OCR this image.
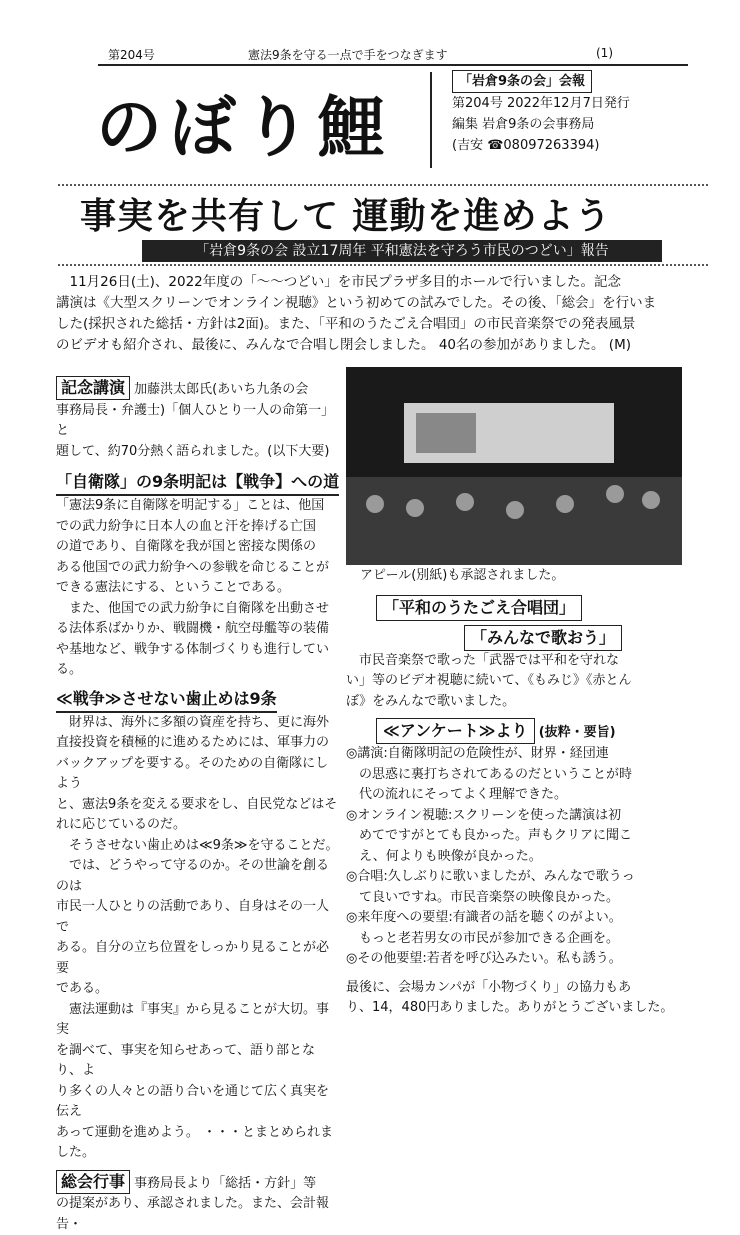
第204号	憲法9条を守る一点で手をつなぎます	(1)
のぼり鯉
「岩倉9条の会」会報
第204号 2022年12月7日発行
編集 岩倉9条の会事務局
(吉安 ☎08097263394)
事実を共有して 運動を進めよう
「岩倉9条の会 設立17周年 平和憲法を守ろう市民のつどい」報告

　11月26日(土)、2022年度の「～～つどい」を市民プラザ多目的ホールで行いました。記念

講演は《大型スクリーンでオンライン視聴》という初めての試みでした。その後、「総会」を行いま

した(採択された総括・方針は2面)。また、「平和のうたごえ合唱団」の市民音楽祭での発表風景

のビデオも紹介され、最後に、みんなで合唱し閉会しました。 40名の参加がありました。 (M)

記念講演 加藤洪太郎氏(あいち九条の会

事務局長・弁護士)「個人ひとり一人の命第一」と

題して、約70分熱く語られました。(以下大要)

「自衛隊」の9条明記は【戦争】への道

「憲法9条に自衛隊を明記する」ことは、他国

での武力紛争に日本人の血と汗を捧げる亡国

の道であり、自衛隊を我が国と密接な関係の

ある他国での武力紛争への参戦を命じることが

できる憲法にする、ということである。

　また、他国での武力紛争に自衛隊を出動させ

る法体系ばかりか、戦闘機・航空母艦等の装備

や基地など、戦争する体制づくりも進行している。

≪戦争≫させない歯止めは9条

　財界は、海外に多額の資産を持ち、更に海外

直接投資を積極的に進めるためには、軍事力の

バックアップを要する。そのための自衛隊にしよう

と、憲法9条を変える要求をし、自民党などはそ

れに応じているのだ。

　そうさせない歯止めは≪9条≫を守ることだ。

　では、どうやって守るのか。その世論を創るのは

市民一人ひとりの活動であり、自身はその一人で

ある。自分の立ち位置をしっかり見ることが必要

である。

　憲法運動は『事実』から見ることが大切。事実

を調べて、事実を知らせあって、語り部となり、よ

り多くの人々との語り合いを通じて広く真実を伝え

あって運動を進めよう。 ・・・とまとめられました。

総会行事 事務局長より「総括・方針」等

の提案があり、承認されました。また、会計報告・

アピール(別紙)も承認されました。

「平和のうたごえ合唱団」
「みんなで歌おう」

　市民音楽祭で歌った「武器では平和を守れな

い」等のビデオ視聴に続いて、《もみじ》《赤とん

ぼ》をみんなで歌いました。

≪アンケート≫より (抜粋・要旨)

◎講演:自衛隊明記の危険性が、財界・経団連

　の思惑に裏打ちされてあるのだということが時

　代の流れにそってよく理解できた。

◎オンライン視聴:スクリーンを使った講演は初

　めてですがとても良かった。声もクリアに聞こ

　え、何よりも映像が良かった。

◎合唱:久しぶりに歌いましたが、みんなで歌うっ

　て良いですね。市民音楽祭の映像良かった。

◎来年度への要望:有識者の話を聴くのがよい。

　もっと老若男女の市民が参加できる企画を。

◎その他要望:若者を呼び込みたい。私も誘う。

最後に、会場カンパが「小物づくり」の協力もあ

り、14，480円ありました。ありがとうございました。
